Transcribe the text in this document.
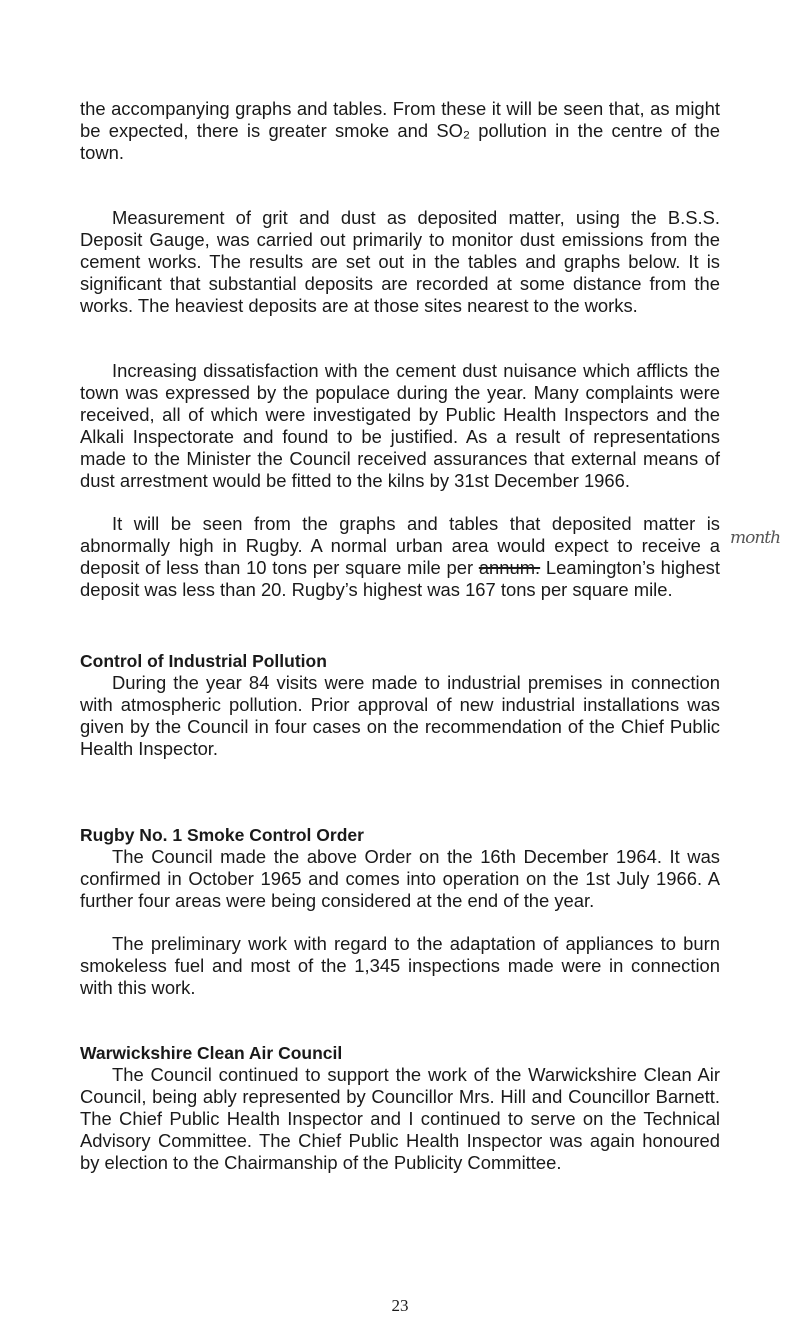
the accompanying graphs and tables. From these it will be seen that, as might be expected, there is greater smoke and SO₂ pollution in the centre of the town.

Measurement of grit and dust as deposited matter, using the B.S.S. Deposit Gauge, was carried out primarily to monitor dust emissions from the cement works. The results are set out in the tables and graphs below. It is significant that substantial deposits are recorded at some distance from the works. The heaviest deposits are at those sites nearest to the works.

Increasing dissatisfaction with the cement dust nuisance which afflicts the town was expressed by the populace during the year. Many complaints were received, all of which were investigated by Public Health Inspectors and the Alkali Inspectorate and found to be justified. As a result of representations made to the Minister the Council received assurances that external means of dust arrestment would be fitted to the kilns by 31st December 1966.

It will be seen from the graphs and tables that deposited matter is abnormally high in Rugby. A normal urban area would expect to receive a deposit of less than 10 tons per square mile per annum. Leamington’s highest deposit was less than 20. Rugby’s highest was 167 tons per square mile.

month
Control of Industrial Pollution

During the year 84 visits were made to industrial premises in connection with atmospheric pollution. Prior approval of new industrial installations was given by the Council in four cases on the recommendation of the Chief Public Health Inspector.

Rugby No. 1 Smoke Control Order

The Council made the above Order on the 16th December 1964. It was confirmed in October 1965 and comes into operation on the 1st July 1966. A further four areas were being considered at the end of the year.

The preliminary work with regard to the adaptation of appliances to burn smokeless fuel and most of the 1,345 inspections made were in connection with this work.

Warwickshire Clean Air Council

The Council continued to support the work of the Warwickshire Clean Air Council, being ably represented by Councillor Mrs. Hill and Councillor Barnett. The Chief Public Health Inspector and I continued to serve on the Technical Advisory Committee. The Chief Public Health Inspector was again honoured by election to the Chairmanship of the Publicity Committee.

23
